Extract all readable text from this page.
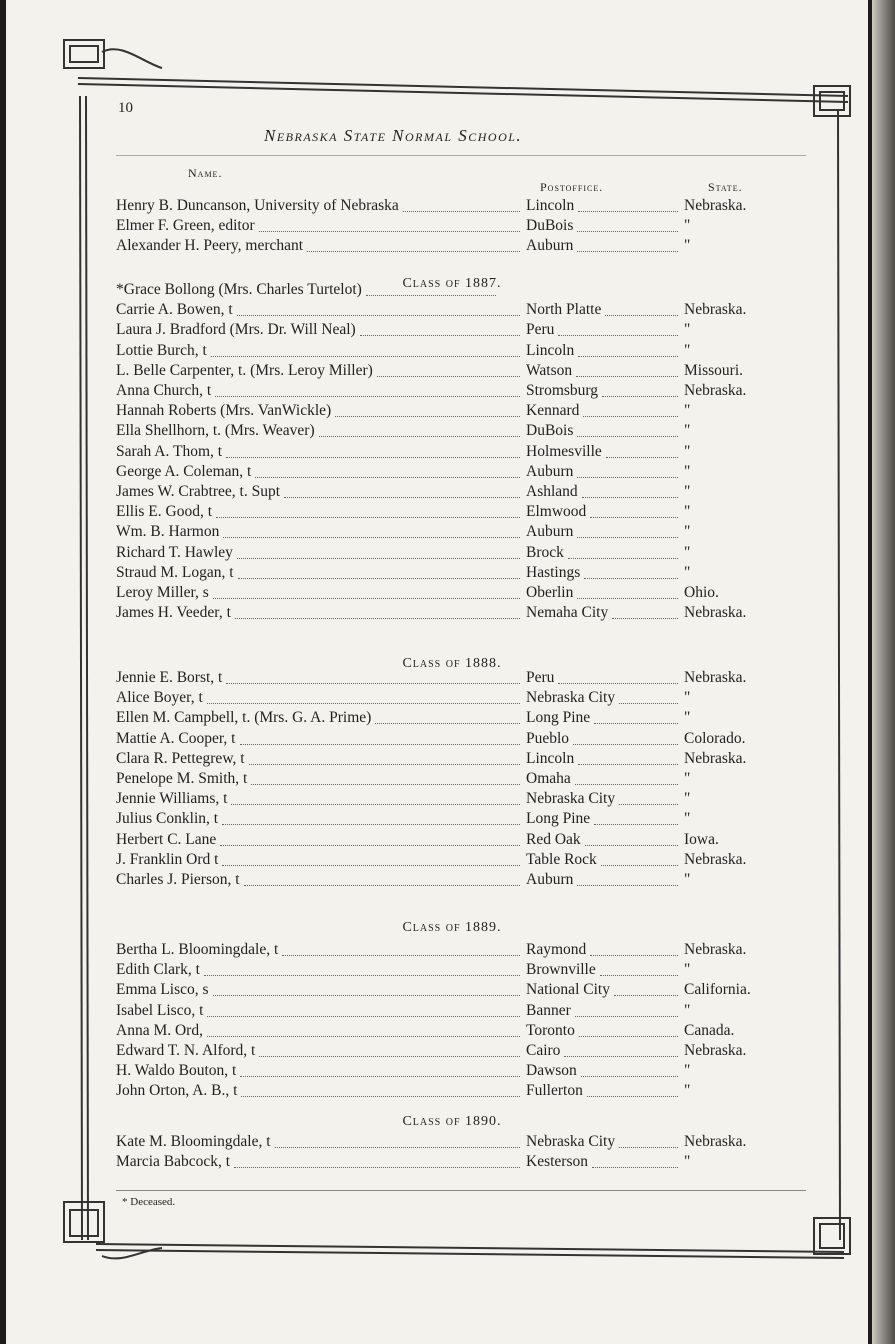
10
Nebraska State Normal School.
Name.
Postoffice.	State.
* Deceased.
Henry B. Duncanson, University of Nebraska	Lincoln	Nebraska.
Elmer F. Green, editor	DuBois	"
Alexander H. Peery, merchant	Auburn	"
Class of 1887.
*Grace Bollong (Mrs. Charles Turtelot)
Carrie A. Bowen, t	North Platte	Nebraska.
Laura J. Bradford (Mrs. Dr. Will Neal)	Peru	"
Lottie Burch, t	Lincoln	"
L. Belle Carpenter, t. (Mrs. Leroy Miller)	Watson	Missouri.
Anna Church, t	Stromsburg	Nebraska.
Hannah Roberts (Mrs. VanWickle)	Kennard	"
Ella Shellhorn, t. (Mrs. Weaver)	DuBois	"
Sarah A. Thom, t	Holmesville	"
George A. Coleman, t	Auburn	"
James W. Crabtree, t. Supt	Ashland	"
Ellis E. Good, t	Elmwood	"
Wm. B. Harmon	Auburn	"
Richard T. Hawley	Brock	"
Straud M. Logan, t	Hastings	"
Leroy Miller, s	Oberlin	Ohio.
James H. Veeder, t	Nemaha City	Nebraska.
Class of 1888.
Jennie E. Borst, t	Peru	Nebraska.
Alice Boyer, t	Nebraska City	"
Ellen M. Campbell, t. (Mrs. G. A. Prime)	Long Pine	"
Mattie A. Cooper, t	Pueblo	Colorado.
Clara R. Pettegrew, t	Lincoln	Nebraska.
Penelope M. Smith, t	Omaha	"
Jennie Williams, t	Nebraska City	"
Julius Conklin, t	Long Pine	"
Herbert C. Lane	Red Oak	Iowa.
J. Franklin Ord t	Table Rock	Nebraska.
Charles J. Pierson, t	Auburn	"
Class of 1889.
Bertha L. Bloomingdale, t	Raymond	Nebraska.
Edith Clark, t	Brownville	"
Emma Lisco, s	National City	California.
Isabel Lisco, t	Banner	"
Anna M. Ord,	Toronto	Canada.
Edward T. N. Alford, t	Cairo	Nebraska.
H. Waldo Bouton, t	Dawson	"
John Orton, A. B., t	Fullerton	"
Class of 1890.
Kate M. Bloomingdale, t	Nebraska City	Nebraska.
Marcia Babcock, t	Kesterson	"
